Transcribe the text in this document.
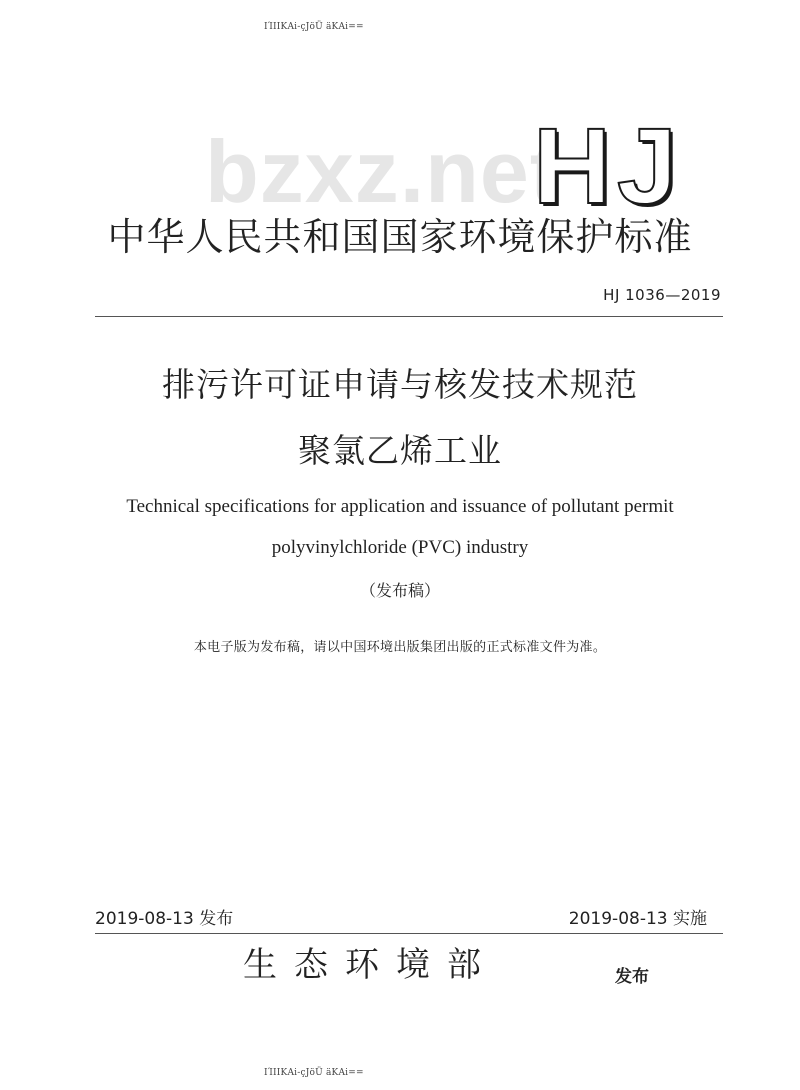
ΙΊΙΙΚΑi-çJöÜ äΚΑi==
bzxz.net
HJ
中华人民共和国国家环境保护标准
HJ 1036—2019
排污许可证申请与核发技术规范
聚氯乙烯工业
Technical specifications for application and issuance of pollutant permit
polyvinylchloride (PVC) industry
（发布稿）
本电子版为发布稿，请以中国环境出版集团出版的正式标准文件为准。
2019-08-13 发布	2019-08-13 实施
生态环境部	发布
ΙΊΙΙΚΑi-çJöÜ äΚΑi==
